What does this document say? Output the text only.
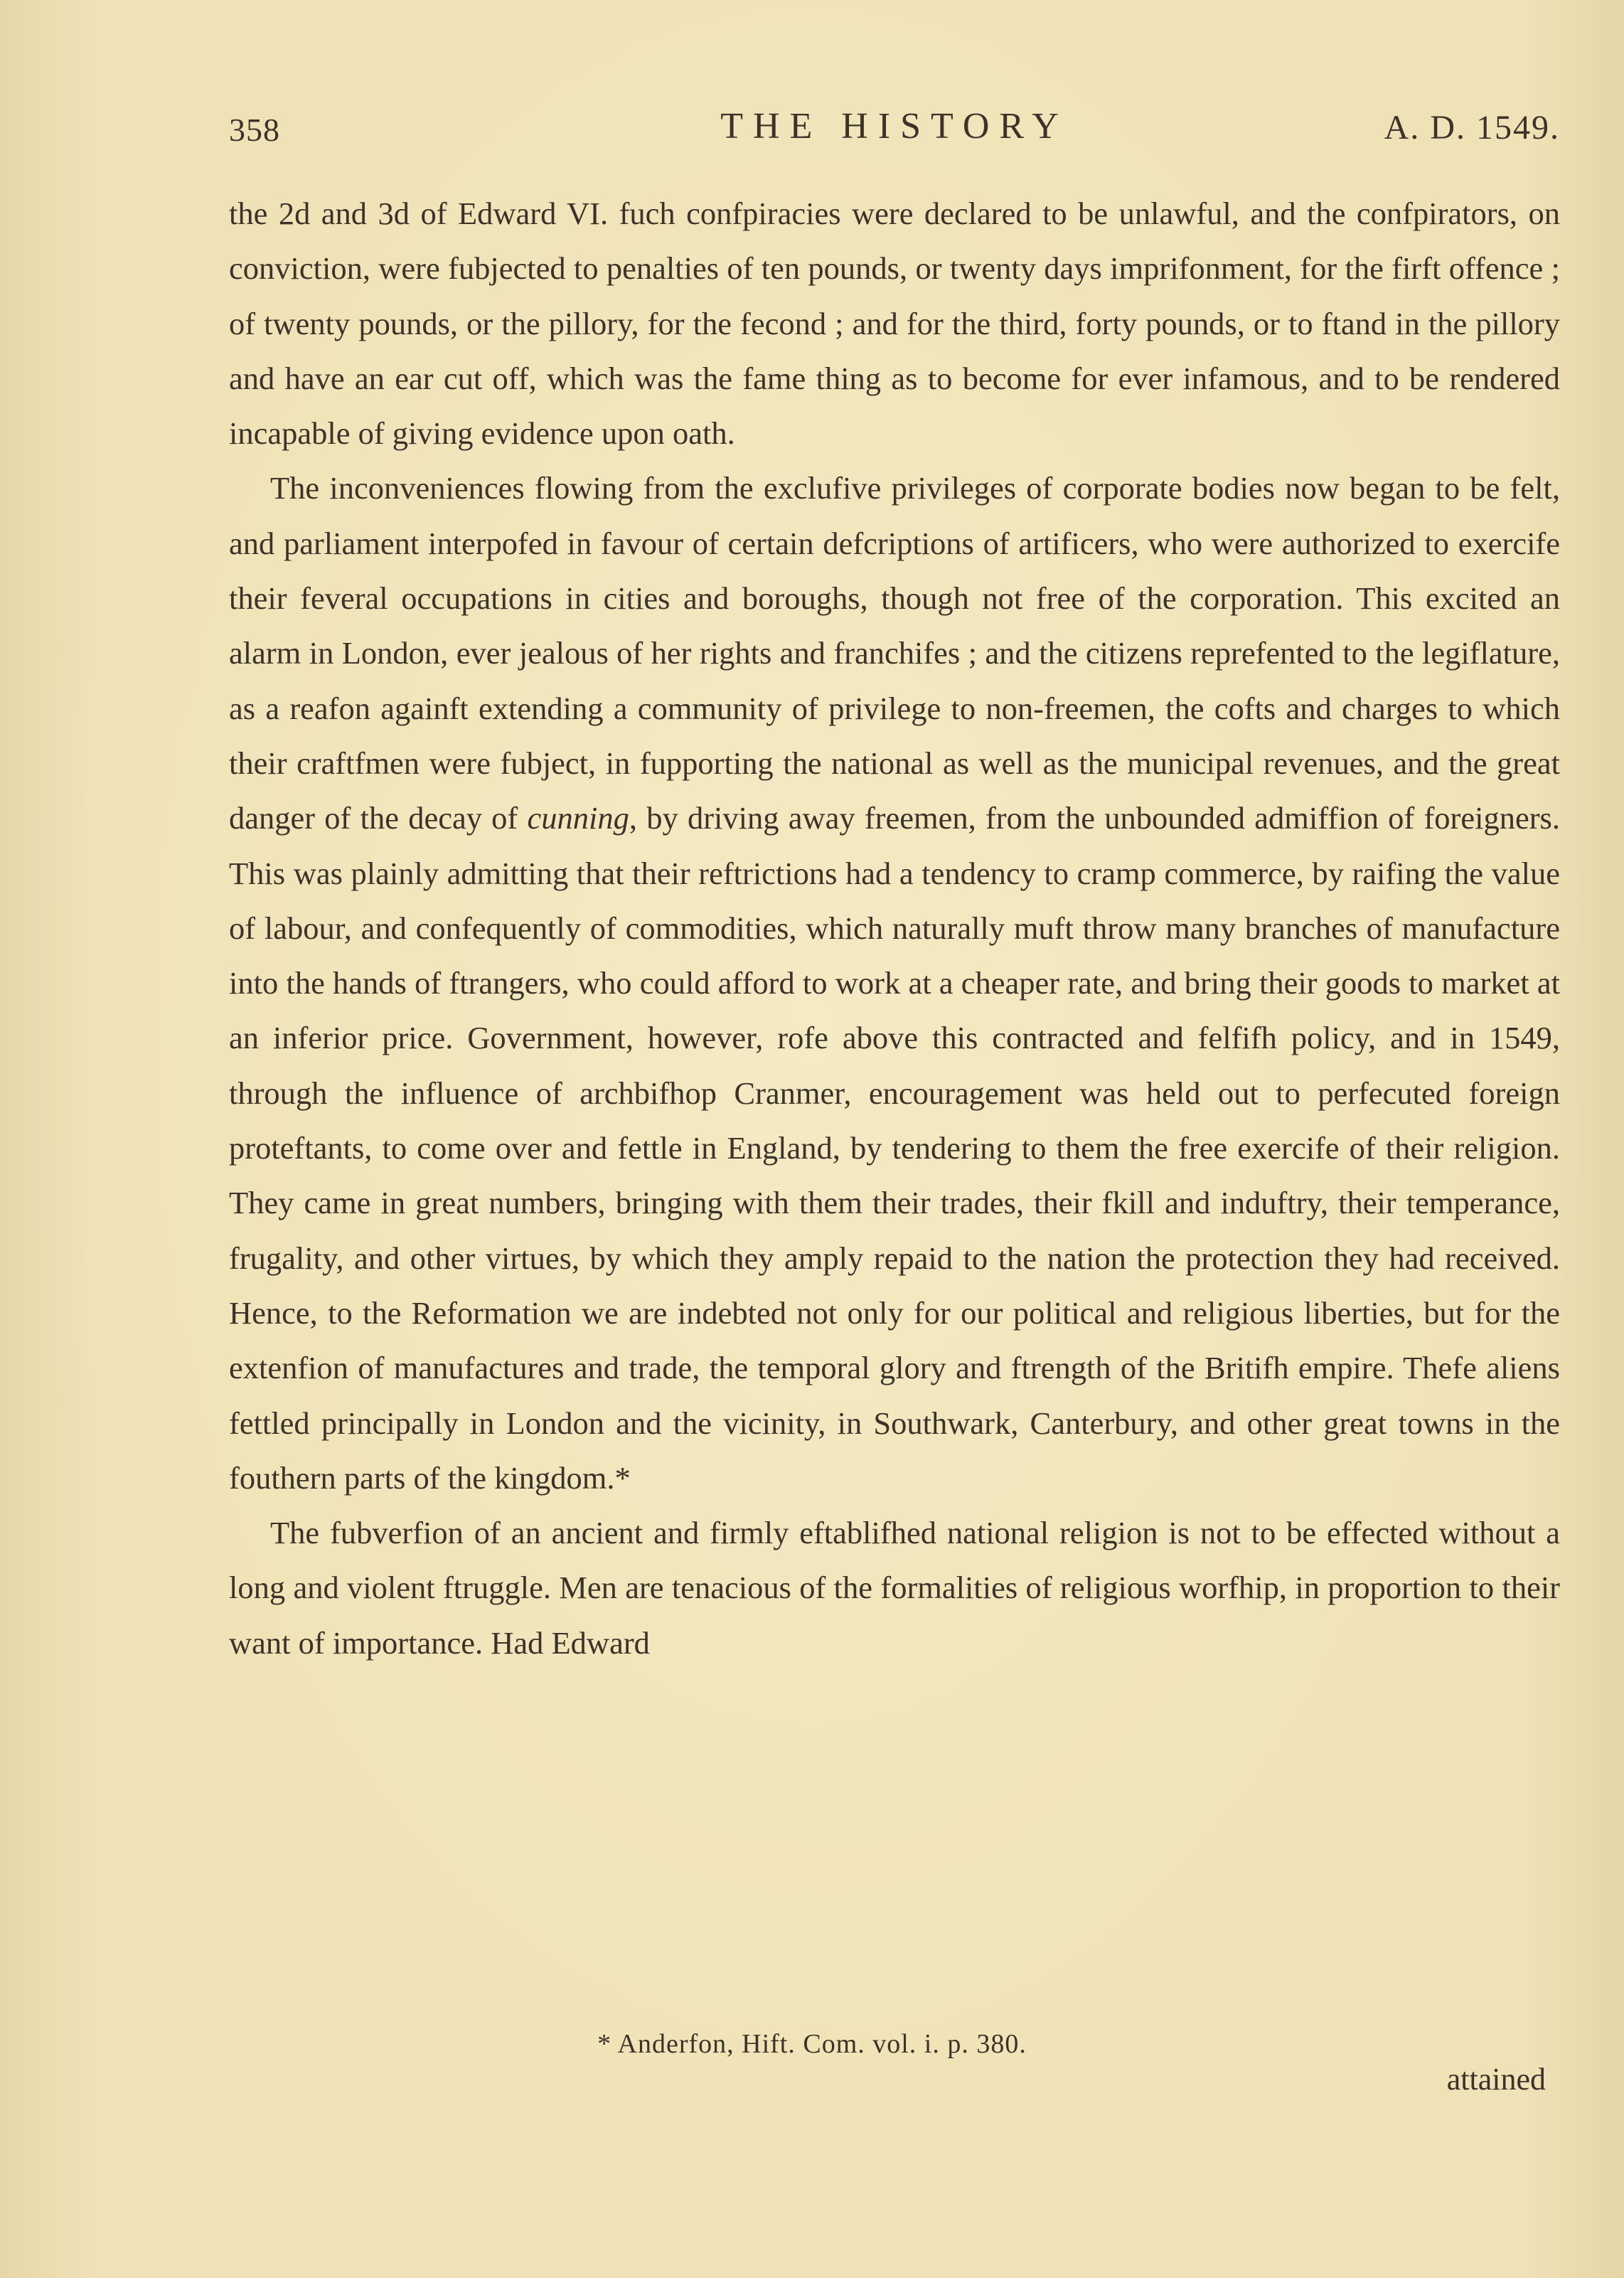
358	THE HISTORY	A. D. 1549.

the 2d and 3d of Edward VI. fuch confpiracies were declared to be unlawful, and the confpirators, on conviction, were fubjected to penalties of ten pounds, or twenty days imprifonment, for the firft offence ; of twenty pounds, or the pillory, for the fecond ; and for the third, forty pounds, or to ftand in the pillory and have an ear cut off, which was the fame thing as to become for ever infamous, and to be rendered incapable of giving evidence upon oath.

The inconveniences flowing from the exclufive privileges of corporate bodies now began to be felt, and parliament interpofed in favour of certain defcriptions of artificers, who were authorized to exercife their feveral occupations in cities and boroughs, though not free of the corporation. This excited an alarm in London, ever jealous of her rights and franchifes ; and the citizens reprefented to the legiflature, as a reafon againft extending a community of privilege to non-freemen, the cofts and charges to which their craftfmen were fubject, in fupporting the national as well as the municipal revenues, and the great danger of the decay of cunning, by driving away freemen, from the unbounded admiffion of foreigners. This was plainly admitting that their reftrictions had a tendency to cramp commerce, by raifing the value of labour, and confequently of commodities, which naturally muft throw many branches of manufacture into the hands of ftrangers, who could afford to work at a cheaper rate, and bring their goods to market at an inferior price. Government, however, rofe above this contracted and felfifh policy, and in 1549, through the influence of archbifhop Cranmer, encouragement was held out to perfecuted foreign proteftants, to come over and fettle in England, by tendering to them the free exercife of their religion. They came in great numbers, bringing with them their trades, their fkill and induftry, their temperance, frugality, and other virtues, by which they amply repaid to the nation the protection they had received. Hence, to the Reformation we are indebted not only for our political and religious liberties, but for the extenfion of manufactures and trade, the temporal glory and ftrength of the Britifh empire. Thefe aliens fettled principally in London and the vicinity, in Southwark, Canterbury, and other great towns in the fouthern parts of the kingdom.*

The fubverfion of an ancient and firmly eftablifhed national religion is not to be effected without a long and violent ftruggle. Men are tenacious of the formalities of religious worfhip, in proportion to their want of importance. Had Edward

* Anderfon, Hift. Com. vol. i. p. 380.
attained
